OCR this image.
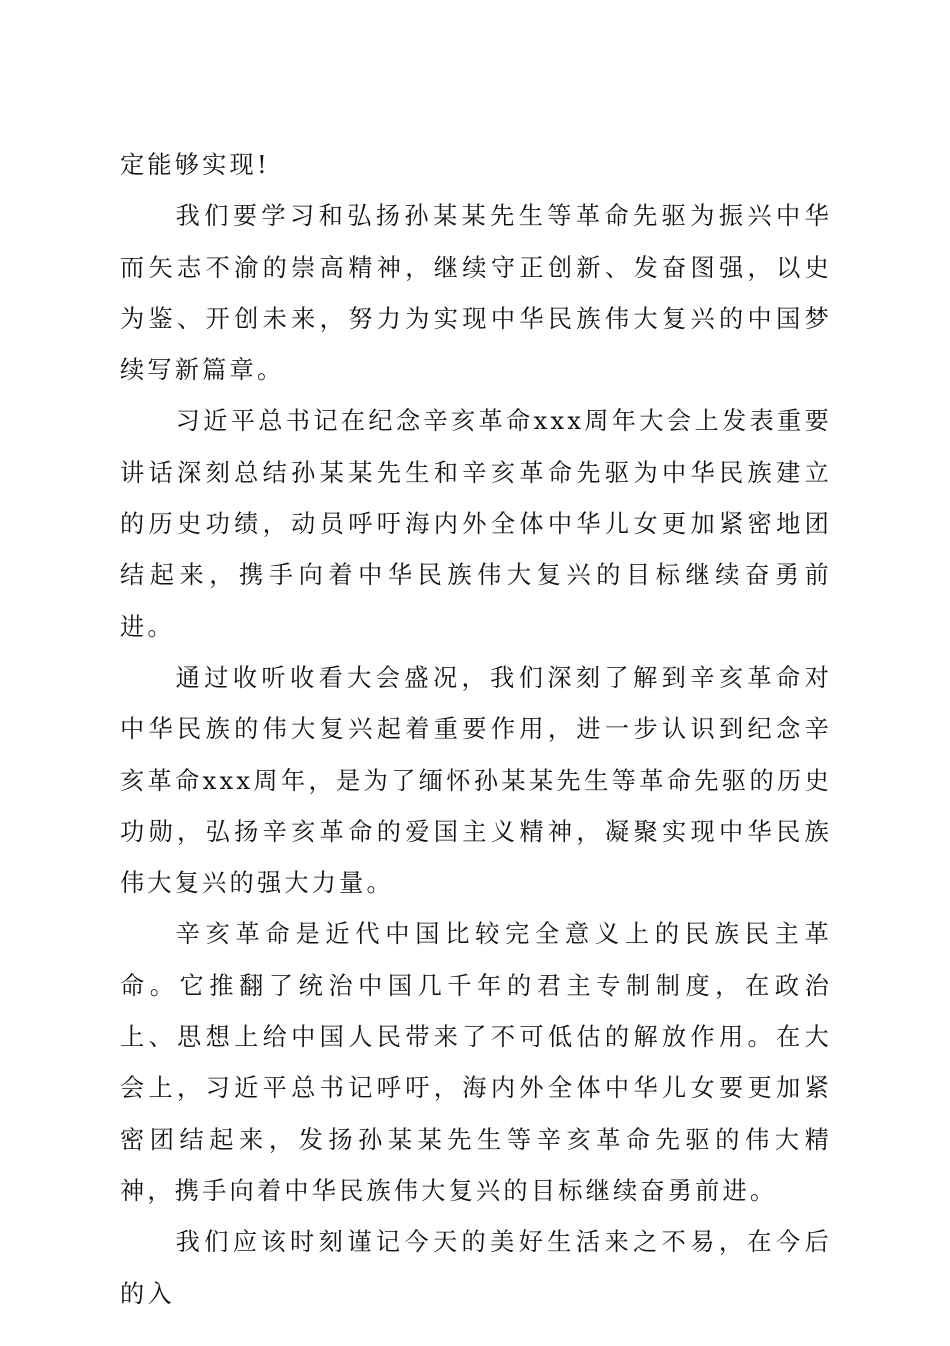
定能够实现!

我们要学习和弘扬孙某某先生等革命先驱为振兴中华而矢志不渝的崇高精神，继续守正创新、发奋图强，以史为鉴、开创未来，努力为实现中华民族伟大复兴的中国梦续写新篇章。

习近平总书记在纪念辛亥革命xxx周年大会上发表重要讲话深刻总结孙某某先生和辛亥革命先驱为中华民族建立的历史功绩，动员呼吁海内外全体中华儿女更加紧密地团结起来，携手向着中华民族伟大复兴的目标继续奋勇前进。

通过收听收看大会盛况，我们深刻了解到辛亥革命对中华民族的伟大复兴起着重要作用，进一步认识到纪念辛亥革命xxx周年，是为了缅怀孙某某先生等革命先驱的历史功勋，弘扬辛亥革命的爱国主义精神，凝聚实现中华民族伟大复兴的强大力量。

辛亥革命是近代中国比较完全意义上的民族民主革命。它推翻了统治中国几千年的君主专制制度，在政治上、思想上给中国人民带来了不可低估的解放作用。在大会上，习近平总书记呼吁，海内外全体中华儿女要更加紧密团结起来，发扬孙某某先生等辛亥革命先驱的伟大精神，携手向着中华民族伟大复兴的目标继续奋勇前进。

我们应该时刻谨记今天的美好生活来之不易，在今后的入
